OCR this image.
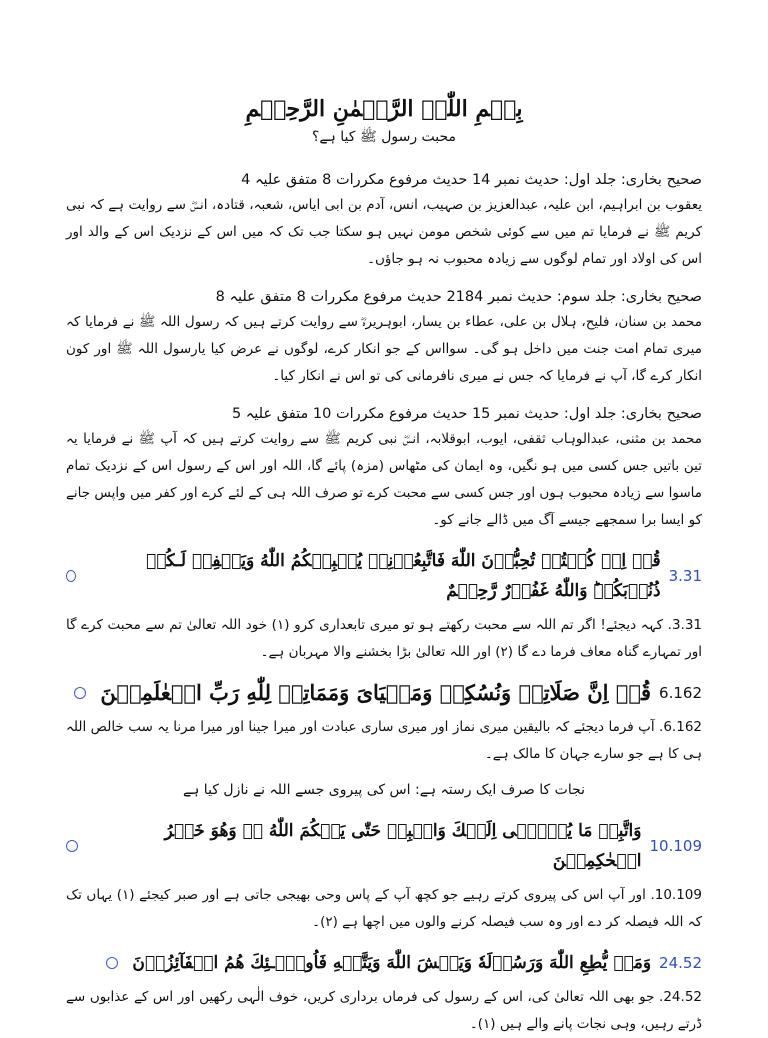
بِسۡمِ اللّٰہِ الرَّحۡمٰنِ الرَّحِیۡمِ
محبت رسول ﷺ کیا ہے؟

صحیح بخاری: جلد اول: حدیث نمبر 14 حدیث مرفوع مکررات 8 متفق علیہ 4

یعقوب بن ابراہیم، ابن علیہ، عبدالعزیز بن صہیب، انس، آدم بن ابی ایاس، شعبہ، قتادہ، انسؓ سے روایت ہے کہ نبی کریم ﷺ نے فرمایا تم میں سے کوئی شخص مومن نہیں ہو سکتا جب تک کہ میں اس کے نزدیک اس کے والد اور اس کی اولاد اور تمام لوگوں سے زیادہ محبوب نہ ہو جاؤں۔

صحیح بخاری: جلد سوم: حدیث نمبر 2184 حدیث مرفوع مکررات 8 متفق علیہ 8

محمد بن سنان، فلیح، ہلال بن علی، عطاء بن یسار، ابوہریرہؓ سے روایت کرتے ہیں کہ رسول اللہ ﷺ نے فرمایا کہ میری تمام امت جنت میں داخل ہو گی۔ سوااس کے جو انکار کرے، لوگوں نے عرض کیا یارسول اللہ ﷺ اور کون انکار کرے گا، آپ نے فرمایا کہ جس نے میری نافرمانی کی تو اس نے انکار کیا۔

صحیح بخاری: جلد اول: حدیث نمبر 15 حدیث مرفوع مکررات 10 متفق علیہ 5

محمد بن مثنی، عبدالوہاب ثقفی، ایوب، ابوقلابہ، انسؓ نبی کریم ﷺ سے روایت کرتے ہیں کہ آپ ﷺ نے فرمایا یہ تین باتیں جس کسی میں ہو نگیں، وہ ایمان کی مٹھاس (مزہ) پائے گا، اللہ اور اس کے رسول اس کے نزدیک تمام ماسوا سے زیادہ محبوب ہوں اور جس کسی سے محبت کرے تو صرف اللہ ہی کے لئے کرے اور کفر میں واپس جانے کو ایسا برا سمجھے جیسے آگ میں ڈالے جانے کو۔

3.31
قُلۡ اِنۡ كُنۡتُمۡ تُحِبُّوۡنَ اللّٰهَ فَاتَّبِعُوۡنِىۡ يُحۡبِبۡكُمُ اللّٰهُ وَيَغۡفِرۡ لَـكُمۡ ذُنُوۡبَكُمۡ‌ؕ وَاللّٰهُ غَفُوۡرٌ رَّحِيۡمٌ

3.31. کہہ دیجئے! اگر تم اللہ سے محبت رکھتے ہو تو میری تابعداری کرو (۱) خود اللہ تعالیٰ تم سے محبت کرے گا اور تمہارے گناہ معاف فرما دے گا (۲) اور اللہ تعالیٰ بڑا بخشنے والا مہربان ہے۔

6.162
قُلۡ اِنَّ صَلَاتِىۡ وَنُسُكِىۡ وَمَحۡيَاىَ وَمَمَاتِىۡ لِلّٰهِ رَبِّ الۡعٰلَمِيۡنَ

6.162. آپ فرما دیجئے کہ بالیقین میری نماز اور میری ساری عبادت اور میرا جینا اور میرا مرنا یہ سب خالص اللہ ہی کا ہے جو سارے جہان کا مالک ہے۔

نجات کا صرف ایک رستہ ہے: اس کی پیروی جسے اللہ نے نازل کیا ہے
10.109
وَاتَّبِعۡ مَا يُوۡحٰۤى اِلَيۡكَ وَاصۡبِرۡ حَتّٰى يَحۡكُمَ اللّٰهُ‌ ۖ‌ۚ وَهُوَ خَيۡرُ الۡحٰكِمِيۡنَ

10.109. اور آپ اس کی پیروی کرتے رہیے جو کچھ آپ کے پاس وحی بھیجی جاتی ہے اور صبر کیجئے (۱) یہاں تک کہ اللہ فیصلہ کر دے اور وہ سب فیصلہ کرنے والوں میں اچھا ہے (۲)۔

24.52
وَمَنۡ يُّطِعِ اللّٰهَ وَرَسُوۡلَهٗ وَيَخۡشَ اللّٰهَ وَيَتَّقۡهِ فَاُولٰۤـئِكَ هُمُ الۡفَآئِزُوۡنَ

24.52. جو بھی اللہ تعالیٰ کی، اس کے رسول کی فرماں برداری کریں، خوف الٰہی رکھیں اور اس کے عذابوں سے ڈرتے رہیں، وہی نجات پانے والے ہیں (۱)۔
